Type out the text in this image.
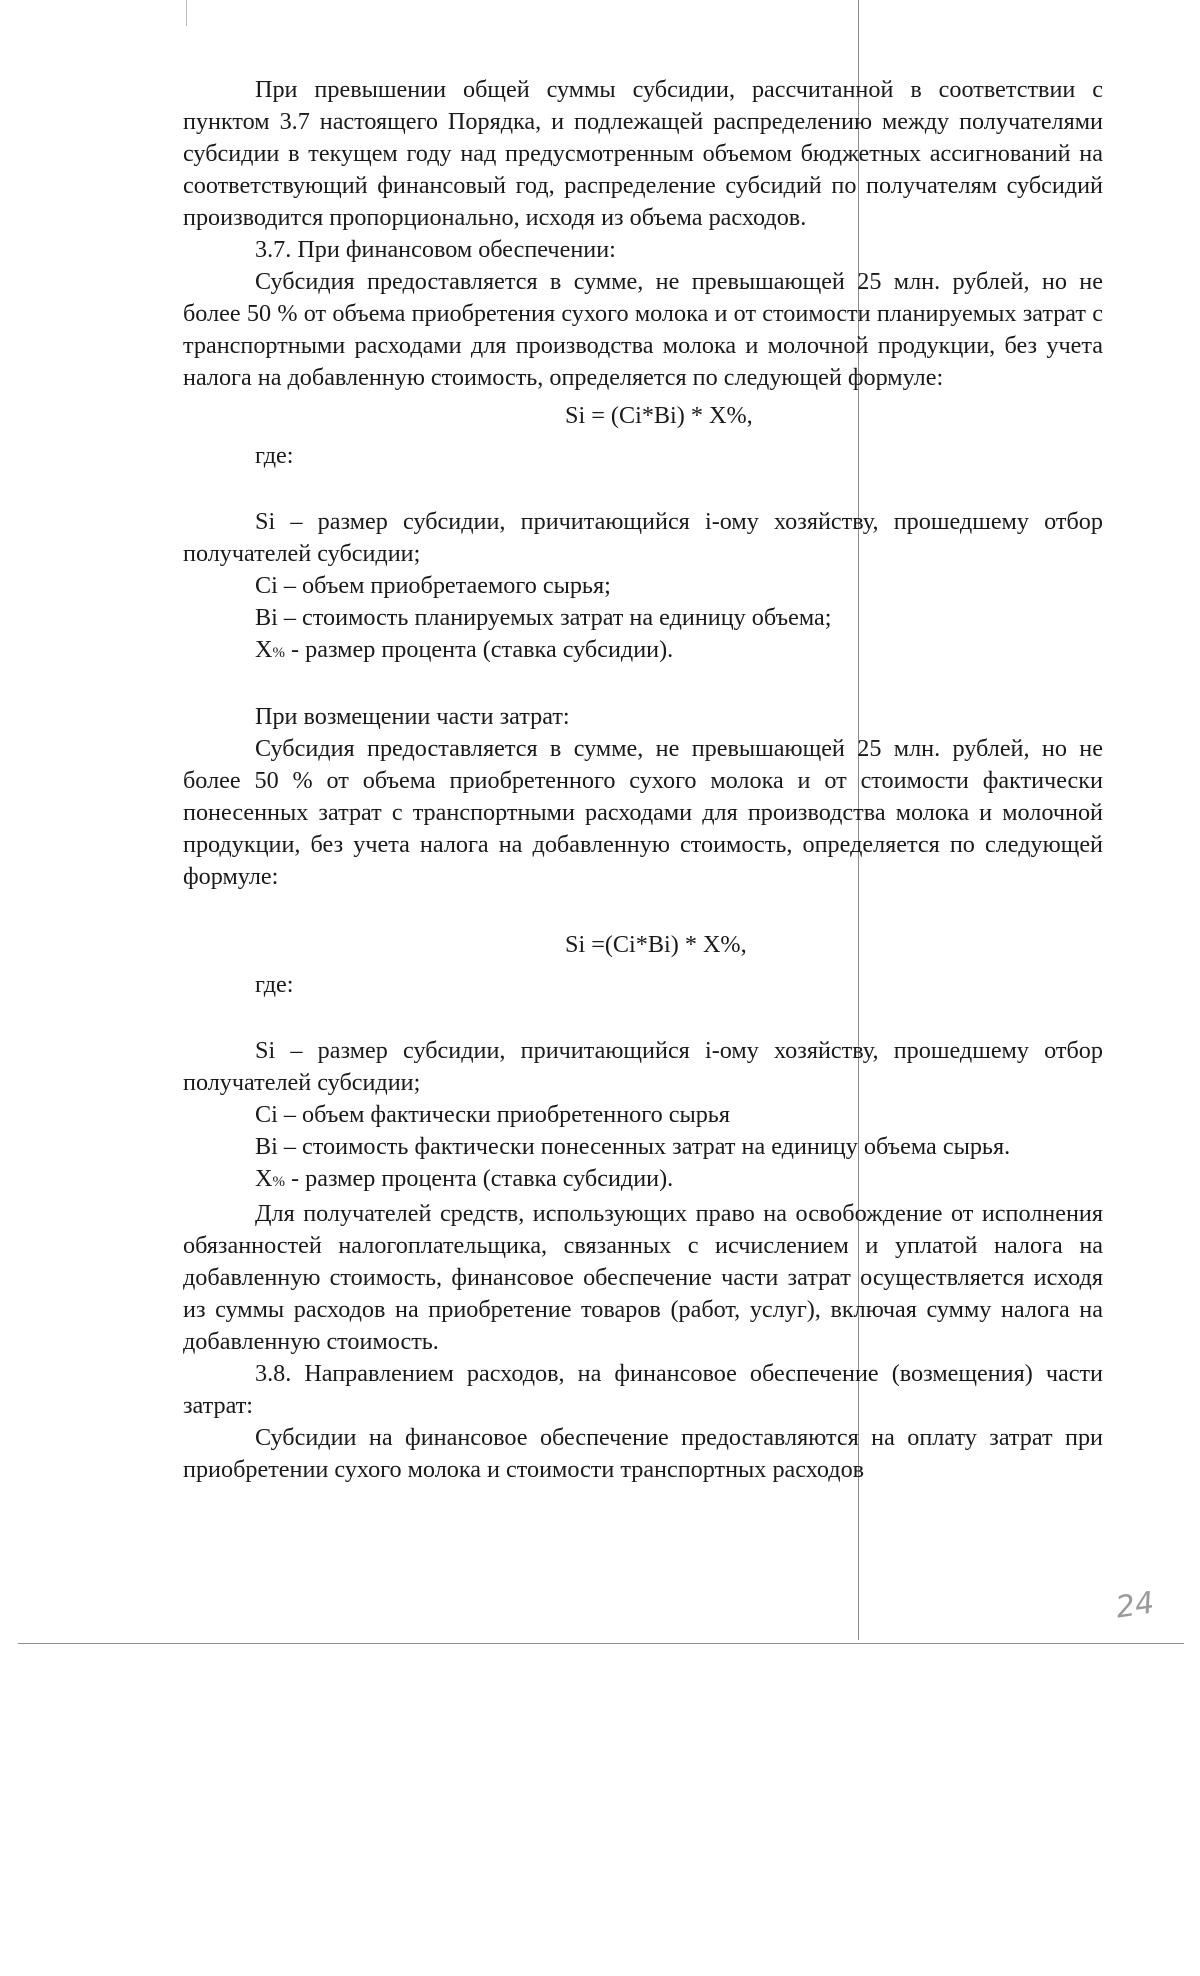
При превышении общей суммы субсидии, рассчитанной в соответствии с пунктом 3.7 настоящего Порядка, и подлежащей распределению между получателями субсидии в текущем году над предусмотренным объемом бюджетных ассигнований на соответствующий финансовый год, распределение субсидий по получателям субсидий производится пропорционально, исходя из объема расходов.

3.7. При финансовом обеспечении:

Субсидия предоставляется в сумме, не превышающей 25 млн. рублей, но не более 50 % от объема приобретения сухого молока и от стоимости планируемых затрат с транспортными расходами для производства молока и молочной продукции, без учета налога на добавленную стоимость, определяется по следующей формуле:

Si = (Ci*Bi) * X%,
где:

Si – размер субсидии, причитающийся i-ому хозяйству, прошедшему отбор получателей субсидии;

Ci – объем приобретаемого сырья;

Bi – стоимость планируемых затрат на единицу объема;

X% - размер процента (ставка субсидии).

При возмещении части затрат:

Субсидия предоставляется в сумме, не превышающей 25 млн. рублей, но не более 50 % от объема приобретенного сухого молока и от стоимости фактически понесенных затрат с транспортными расходами для производства молока и молочной продукции, без учета налога на добавленную стоимость, определяется по следующей формуле:

Si =(Ci*Bi) * X%,
где:

Si – размер субсидии, причитающийся i-ому хозяйству, прошедшему отбор получателей субсидии;

Ci – объем фактически приобретенного сырья

Bi – стоимость фактически понесенных затрат на единицу объема сырья.

X% - размер процента (ставка субсидии).

Для получателей средств, использующих право на освобождение от исполнения обязанностей налогоплательщика, связанных с исчислением и уплатой налога на добавленную стоимость, финансовое обеспечение части затрат осуществляется исходя из суммы расходов на приобретение товаров (работ, услуг), включая сумму налога на добавленную стоимость.

3.8. Направлением расходов, на финансовое обеспечение (возмещения) части затрат:

Субсидии на финансовое обеспечение предоставляются на оплату затрат при приобретении сухого молока и стоимости транспортных расходов

24
